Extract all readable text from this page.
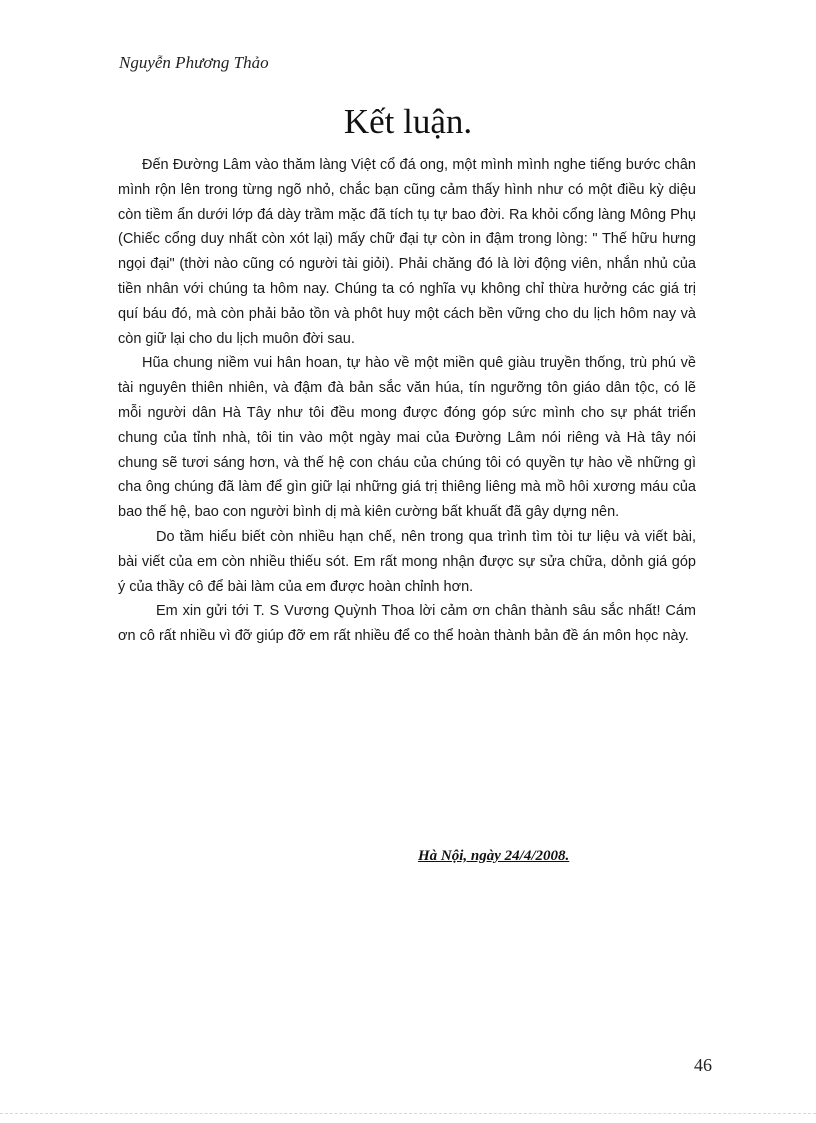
Nguyễn Phương Thảo
Kết luận.

Đến Đường Lâm vào thăm làng Việt cổ đá ong, một mình mình nghe tiếng bước chân mình rộn lên trong từng ngõ nhỏ, chắc bạn cũng cảm thấy hình như có một điều kỳ diệu còn tiềm ẩn dưới lớp đá dày trầm mặc đã tích tụ tự bao đời. Ra khỏi cổng làng Mông Phụ (Chiếc cổng duy nhất còn xót lại) mấy chữ đại tự còn in đậm trong lòng: " Thế hữu hưng ngọi đại" (thời nào cũng có người tài giỏi). Phải chăng đó là lời động viên, nhắn nhủ của tiền nhân với chúng ta hôm nay. Chúng ta có nghĩa vụ không chỉ thừa hưởng các giá trị quí báu đó, mà còn phải bảo tồn và phôt huy một cách bền vững cho du lịch hôm nay và còn giữ lại cho du lịch muôn đời sau.

Hũa chung niềm vui hân hoan, tự hào về một miền quê giàu truyền thống, trù phú về tài nguyên thiên nhiên, và đậm đà bản sắc văn húa, tín ngưỡng tôn giáo dân tộc, có lẽ mỗi người dân Hà Tây như tôi đều mong được đóng góp sức mình cho sự phát triển chung của tỉnh nhà, tôi tin vào một ngày mai của Đường Lâm nói riêng và Hà tây nói chung sẽ tươi sáng hơn, và thế hệ con cháu của chúng tôi có quyền tự hào về những gì cha ông chúng đã làm để gìn giữ lại những giá trị thiêng liêng mà mồ hôi xương máu của bao thế hệ, bao con người bình dị mà kiên cường bất khuất đã gây dựng nên.

Do tầm hiểu biết còn nhiều hạn chế, nên trong qua trình tìm tòi tư liệu và viết bài, bài viết của em còn nhiều thiếu sót. Em rất mong nhận được sự sửa chữa, dỏnh giá góp ý của thầy cô để bài làm của em được hoàn chỉnh hơn.

Em xin gửi tới T. S Vương Quỳnh Thoa lời cảm ơn chân thành sâu sắc nhất! Cám ơn cô rất nhiều vì đỡ giúp đỡ em rất nhiều để co thể hoàn thành bản đề án môn học này.

Hà Nội, ngày 24/4/2008.
46
